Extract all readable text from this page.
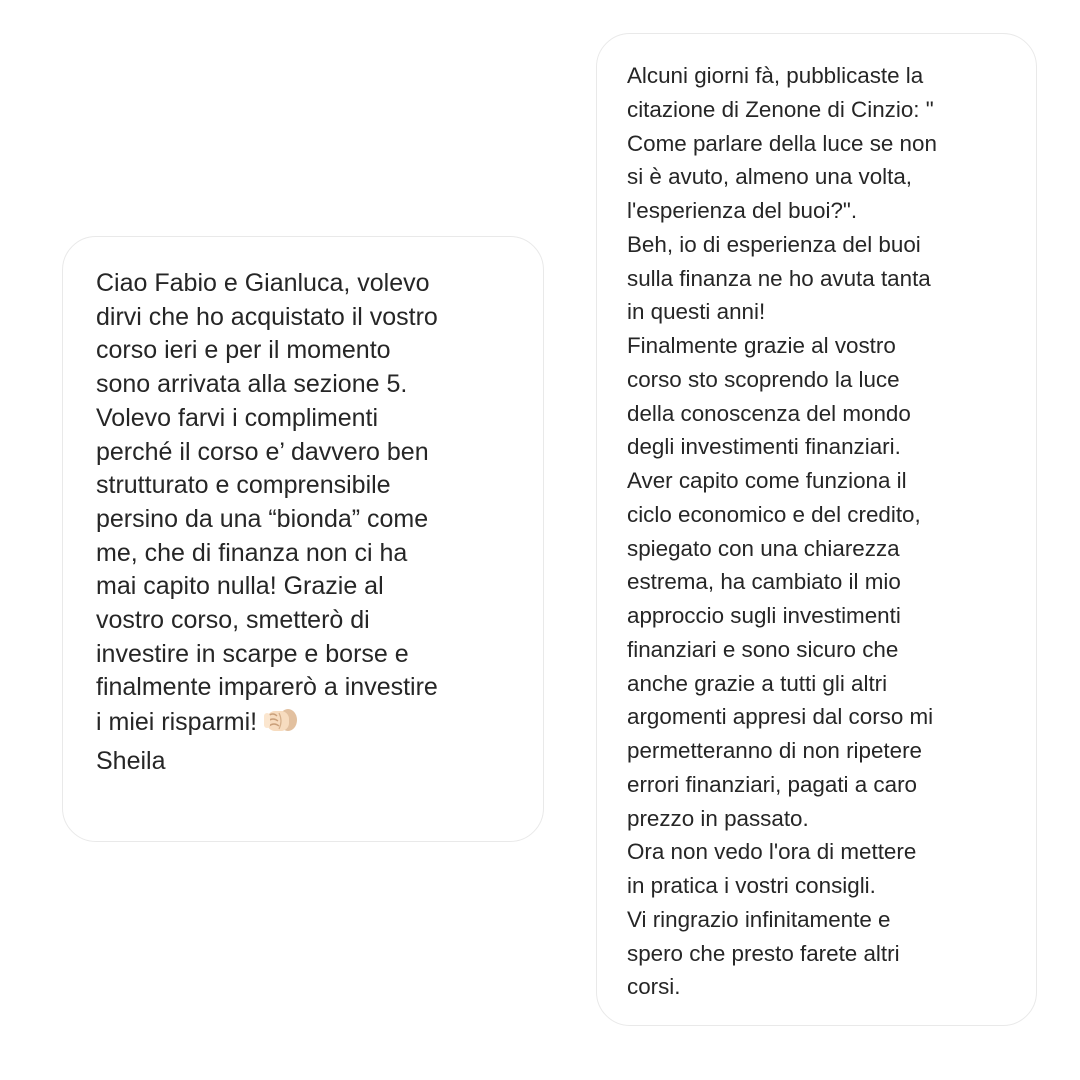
Ciao Fabio e Gianluca, volevo
dirvi che ho acquistato il vostro
corso ieri e per il momento
sono arrivata alla sezione 5.
Volevo farvi i complimenti
perché il corso e’ davvero ben
strutturato e comprensibile
persino da una “bionda” come
me, che di finanza non ci ha
mai capito nulla! Grazie al
vostro corso, smetterò di
investire in scarpe e borse e
finalmente imparerò a investire
i miei risparmi!
Sheila
Alcuni giorni fà, pubblicaste la
citazione di Zenone di Cinzio: "
Come parlare della luce se non
si è avuto, almeno una volta,
l'esperienza del buoi?".
Beh, io di esperienza del buoi
sulla finanza ne ho avuta tanta
in questi anni!
Finalmente grazie al vostro
corso sto scoprendo la luce
della conoscenza del mondo
degli investimenti finanziari.
Aver capito come funziona il
ciclo economico e del credito,
spiegato con una chiarezza
estrema, ha cambiato il mio
approccio sugli investimenti
finanziari e sono sicuro che
anche grazie a tutti gli altri
argomenti appresi dal corso mi
permetteranno di non ripetere
errori finanziari, pagati a caro
prezzo in passato.
Ora non vedo l'ora di mettere
in pratica i vostri consigli.
Vi ringrazio infinitamente e
spero che presto farete altri
corsi.
